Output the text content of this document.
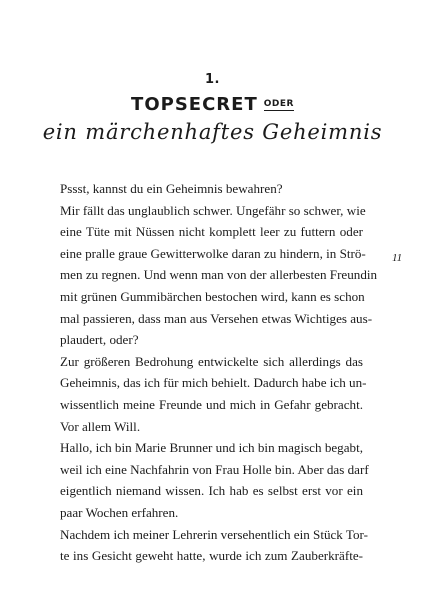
1.
TOPSECRET ODER
ein märchenhaftes Geheimnis
Pssst, kannst du ein Geheimnis bewahren?
Mir fällt das unglaublich schwer. Ungefähr so schwer, wie
eine Tüte mit Nüssen nicht komplett leer zu futtern oder
eine pralle graue Gewitterwolke daran zu hindern, in Strö-
men zu regnen. Und wenn man von der allerbesten Freundin
mit grünen Gummibärchen bestochen wird, kann es schon
mal passieren, dass man aus Versehen etwas Wichtiges aus-
plaudert, oder?
Zur größeren Bedrohung entwickelte sich allerdings das
Geheimnis, das ich für mich behielt. Dadurch habe ich un-
wissentlich meine Freunde und mich in Gefahr gebracht.
Vor allem Will.
Hallo, ich bin Marie Brunner und ich bin magisch begabt,
weil ich eine Nachfahrin von Frau Holle bin. Aber das darf
eigentlich niemand wissen. Ich hab es selbst erst vor ein
paar Wochen erfahren.
Nachdem ich meiner Lehrerin versehentlich ein Stück Tor-
te ins Gesicht geweht hatte, wurde ich zum Zauberkräfte-
11
